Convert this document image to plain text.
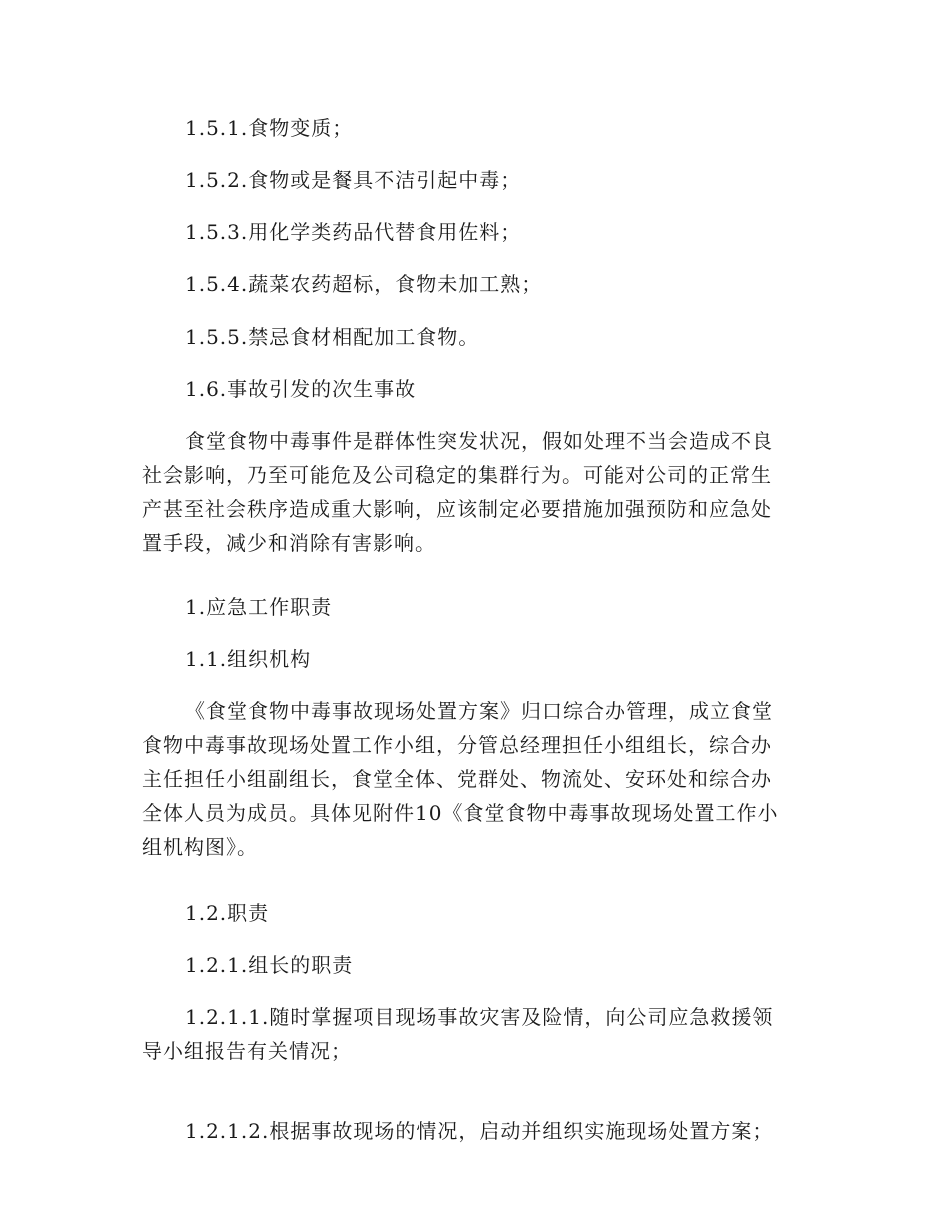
1.5.1.食物变质；
1.5.2.食物或是餐具不洁引起中毒；
1.5.3.用化学类药品代替食用佐料；
1.5.4.蔬菜农药超标，食物未加工熟；
1.5.5.禁忌食材相配加工食物。
1.6.事故引发的次生事故
食堂食物中毒事件是群体性突发状况，假如处理不当会造成不良
社会影响，乃至可能危及公司稳定的集群行为。可能对公司的正常生
产甚至社会秩序造成重大影响，应该制定必要措施加强预防和应急处
置手段，减少和消除有害影响。
1.应急工作职责
1.1.组织机构
《食堂食物中毒事故现场处置方案》归口综合办管理，成立食堂
食物中毒事故现场处置工作小组，分管总经理担任小组组长，综合办
主任担任小组副组长，食堂全体、党群处、物流处、安环处和综合办
全体人员为成员。具体见附件10《食堂食物中毒事故现场处置工作小
组机构图》。
1.2.职责
1.2.1.组长的职责
1.2.1.1.随时掌握项目现场事故灾害及险情，向公司应急救援领
导小组报告有关情况；
1.2.1.2.根据事故现场的情况，启动并组织实施现场处置方案；
